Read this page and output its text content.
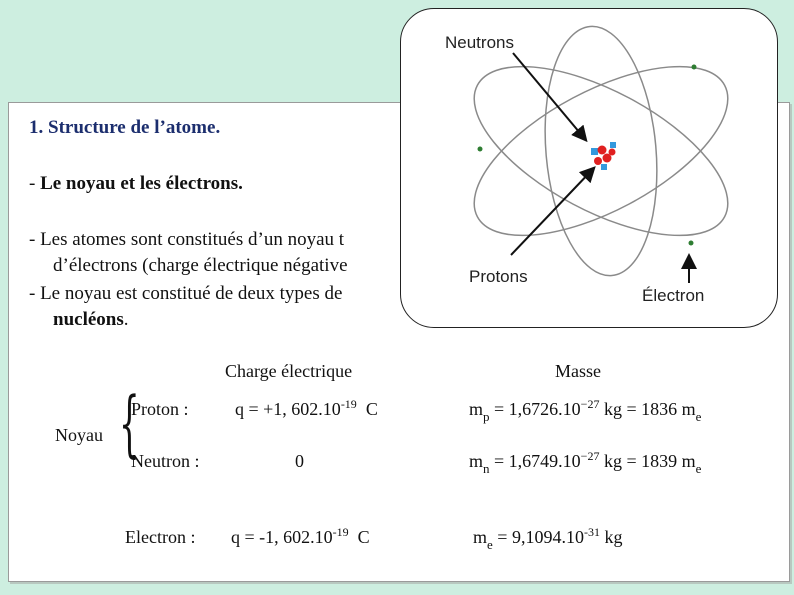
1. Structure de l’atome.
- Le noyau et les électrons.
- Les atomes sont constitués d’un noyau t
d’électrons (charge électrique négative
- Le noyau est constitué de deux types de
nucléons.
Charge électrique	Masse
Noyau {
Proton :	q = +1, $602.10^{-19}$ C	$m_p = 1,6726.10^{-27}$ kg = 1836 $m_e$
Neutron :	0	$m_n = 1,6749.10^{-27}$ kg = 1839 $m_e$
Electron : q = -1, $602.10^{-19}$ C	$m_e = 9,1094.10^{-31}$ kg
Neutrons
Protons
Électron
